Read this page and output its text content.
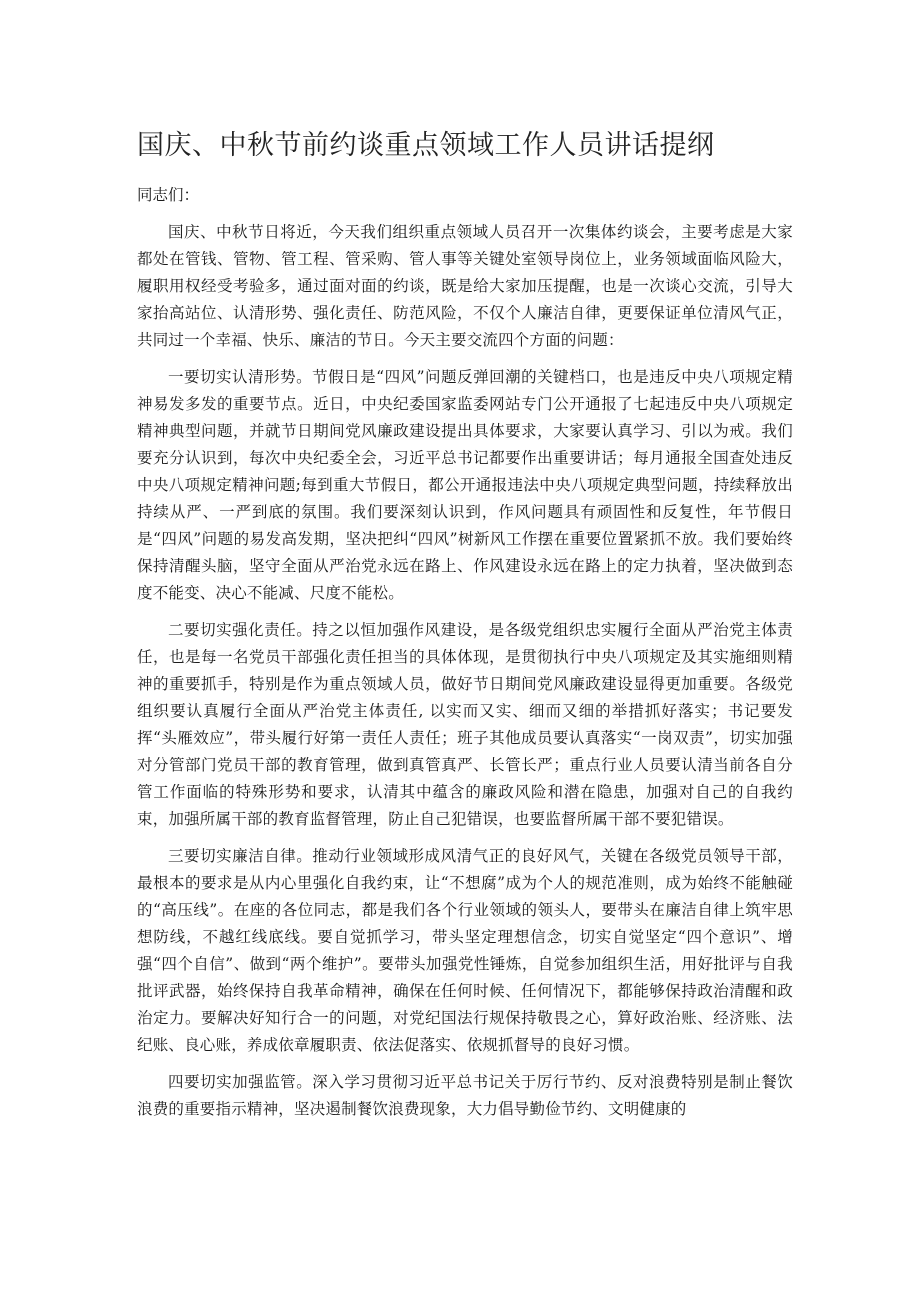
国庆、中秋节前约谈重点领域工作人员讲话提纲

同志们：

国庆、中秋节日将近，今天我们组织重点领域人员召开一次集体约谈会，主要考虑是大家都处在管钱、管物、管工程、管采购、管人事等关键处室领导岗位上，业务领域面临风险大，履职用权经受考验多，通过面对面的约谈，既是给大家加压提醒，也是一次谈心交流，引导大家抬高站位、认清形势、强化责任、防范风险，不仅个人廉洁自律，更要保证单位清风气正，共同过一个幸福、快乐、廉洁的节日。今天主要交流四个方面的问题：

一要切实认清形势。节假日是“四风”问题反弹回潮的关键档口，也是违反中央八项规定精神易发多发的重要节点。近日，中央纪委国家监委网站专门公开通报了七起违反中央八项规定精神典型问题，并就节日期间党风廉政建设提出具体要求，大家要认真学习、引以为戒。我们要充分认识到，每次中央纪委全会，习近平总书记都要作出重要讲话；每月通报全国查处违反中央八项规定精神问题;每到重大节假日，都公开通报违法中央八项规定典型问题，持续释放出持续从严、一严到底的氛围。我们要深刻认识到，作风问题具有顽固性和反复性，年节假日是“四风”问题的易发高发期，坚决把纠“四风”树新风工作摆在重要位置紧抓不放。我们要始终保持清醒头脑，坚守全面从严治党永远在路上、作风建设永远在路上的定力执着，坚决做到态度不能变、决心不能减、尺度不能松。

二要切实强化责任。持之以恒加强作风建设，是各级党组织忠实履行全面从严治党主体责任，也是每一名党员干部强化责任担当的具体体现，是贯彻执行中央八项规定及其实施细则精神的重要抓手，特别是作为重点领域人员，做好节日期间党风廉政建设显得更加重要。各级党组织要认真履行全面从严治党主体责任, 以实而又实、细而又细的举措抓好落实；书记要发挥“头雁效应”，带头履行好第一责任人责任；班子其他成员要认真落实“一岗双责”，切实加强对分管部门党员干部的教育管理，做到真管真严、长管长严；重点行业人员要认清当前各自分管工作面临的特殊形势和要求，认清其中蕴含的廉政风险和潜在隐患，加强对自己的自我约束，加强所属干部的教育监督管理，防止自己犯错误，也要监督所属干部不要犯错误。

三要切实廉洁自律。推动行业领域形成风清气正的良好风气，关键在各级党员领导干部，最根本的要求是从内心里强化自我约束，让“不想腐”成为个人的规范准则，成为始终不能触碰的“高压线”。在座的各位同志，都是我们各个行业领域的领头人，要带头在廉洁自律上筑牢思想防线，不越红线底线。要自觉抓学习，带头坚定理想信念，切实自觉坚定“四个意识”、增强“四个自信”、做到“两个维护”。要带头加强党性锤炼，自觉参加组织生活，用好批评与自我批评武器，始终保持自我革命精神，确保在任何时候、任何情况下，都能够保持政治清醒和政治定力。要解决好知行合一的问题，对党纪国法行规保持敬畏之心，算好政治账、经济账、法纪账、良心账，养成依章履职责、依法促落实、依规抓督导的良好习惯。

四要切实加强监管。深入学习贯彻习近平总书记关于厉行节约、反对浪费特别是制止餐饮浪费的重要指示精神，坚决遏制餐饮浪费现象，大力倡导勤俭节约、文明健康的
